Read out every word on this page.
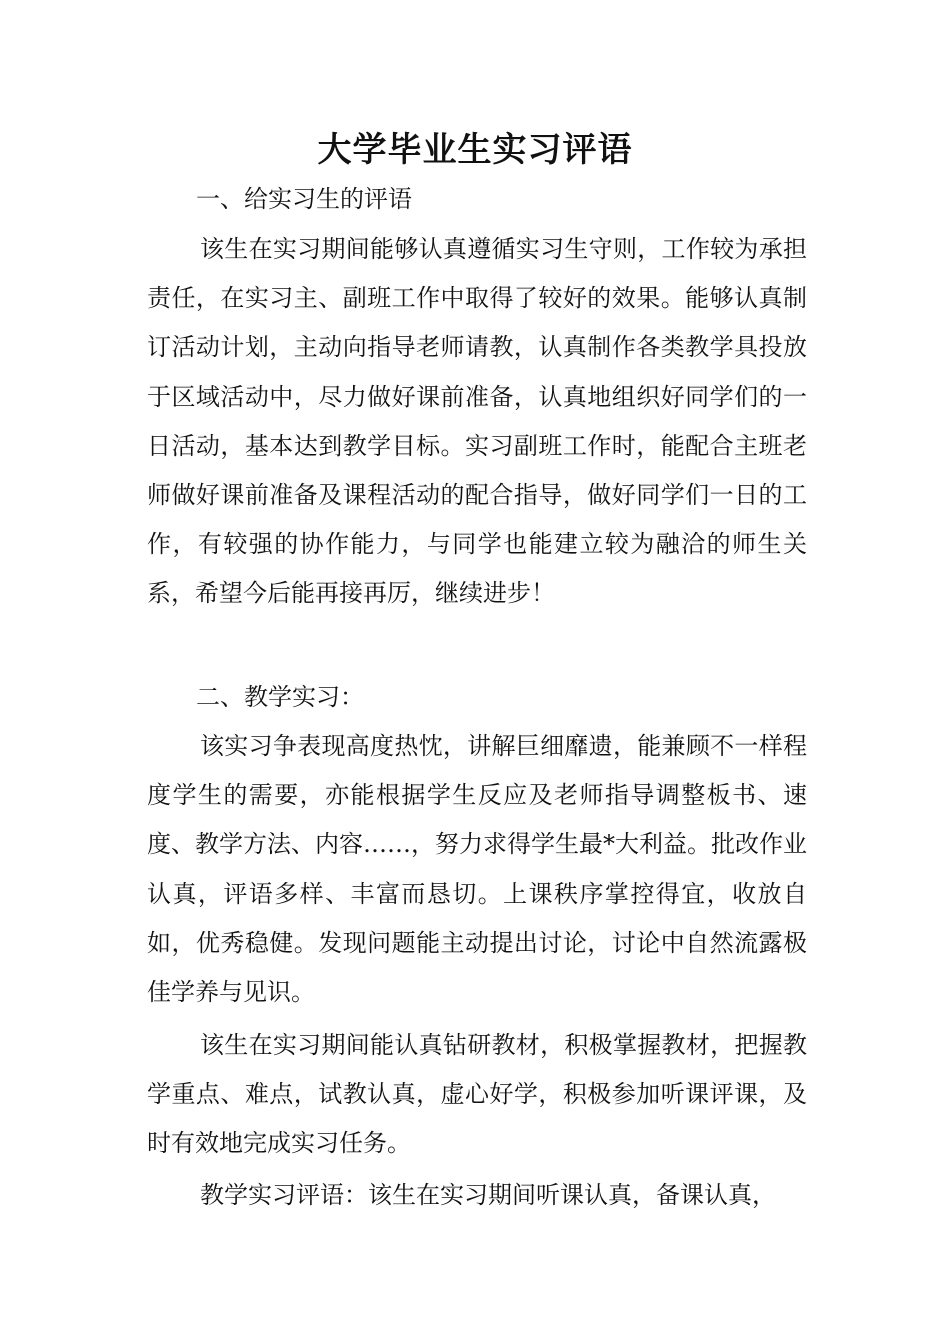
大学毕业生实习评语
一、给实习生的评语

该生在实习期间能够认真遵循实习生守则，工作较为承担责任，在实习主、副班工作中取得了较好的效果。能够认真制订活动计划，主动向指导老师请教，认真制作各类教学具投放于区域活动中，尽力做好课前准备，认真地组织好同学们的一日活动，基本达到教学目标。实习副班工作时，能配合主班老师做好课前准备及课程活动的配合指导，做好同学们一日的工作，有较强的协作能力，与同学也能建立较为融洽的师生关系，希望今后能再接再厉，继续进步！

二、教学实习：

该实习争表现高度热忱，讲解巨细靡遗，能兼顾不一样程度学生的需要，亦能根据学生反应及老师指导调整板书、速度、教学方法、内容……，努力求得学生最*大利益。批改作业认真，评语多样、丰富而恳切。上课秩序掌控得宜，收放自如，优秀稳健。发现问题能主动提出讨论，讨论中自然流露极佳学养与见识。

该生在实习期间能认真钻研教材，积极掌握教材，把握教学重点、难点，试教认真，虚心好学，积极参加听课评课，及时有效地完成实习任务。

教学实习评语：该生在实习期间听课认真，备课认真，
